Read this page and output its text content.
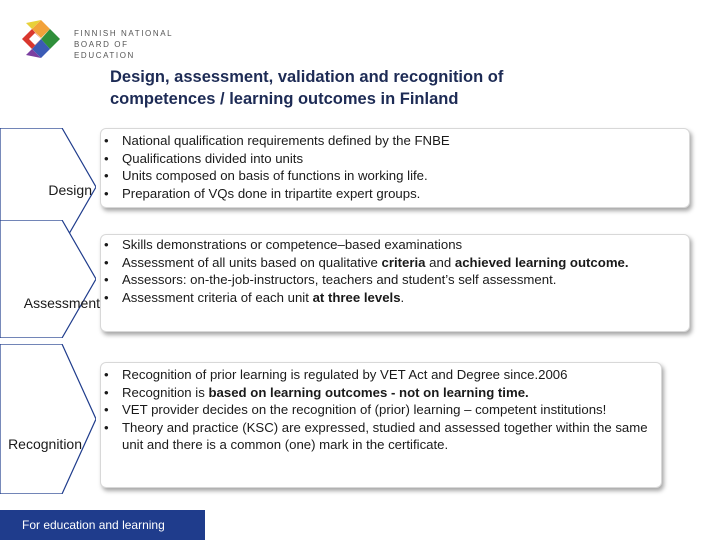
FINNISH NATIONAL
BOARD OF EDUCATION
Design, assessment, validation and recognition of
competences / learning outcomes in Finland
Design
• National qualification requirements defined by the FNBE
• Qualifications divided into units
• Units composed on basis of functions in working life.
• Preparation of VQs done in tripartite expert groups.
Assessment
• Skills demonstrations or competence–based examinations
• Assessment of all units based on qualitative criteria and achieved learning outcome.
• Assessors: on-the-job-instructors, teachers and student’s self assessment.
• Assessment criteria of each unit at three levels.
Recognition
• Recognition of prior learning is regulated by VET Act and Degree since.2006
• Recognition is based on learning outcomes - not on learning time.
• VET provider decides on the recognition of (prior) learning – competent institutions!
• Theory and practice (KSC) are expressed, studied and assessed together within the same unit and there is a common (one) mark in the certificate.
For education and learning
